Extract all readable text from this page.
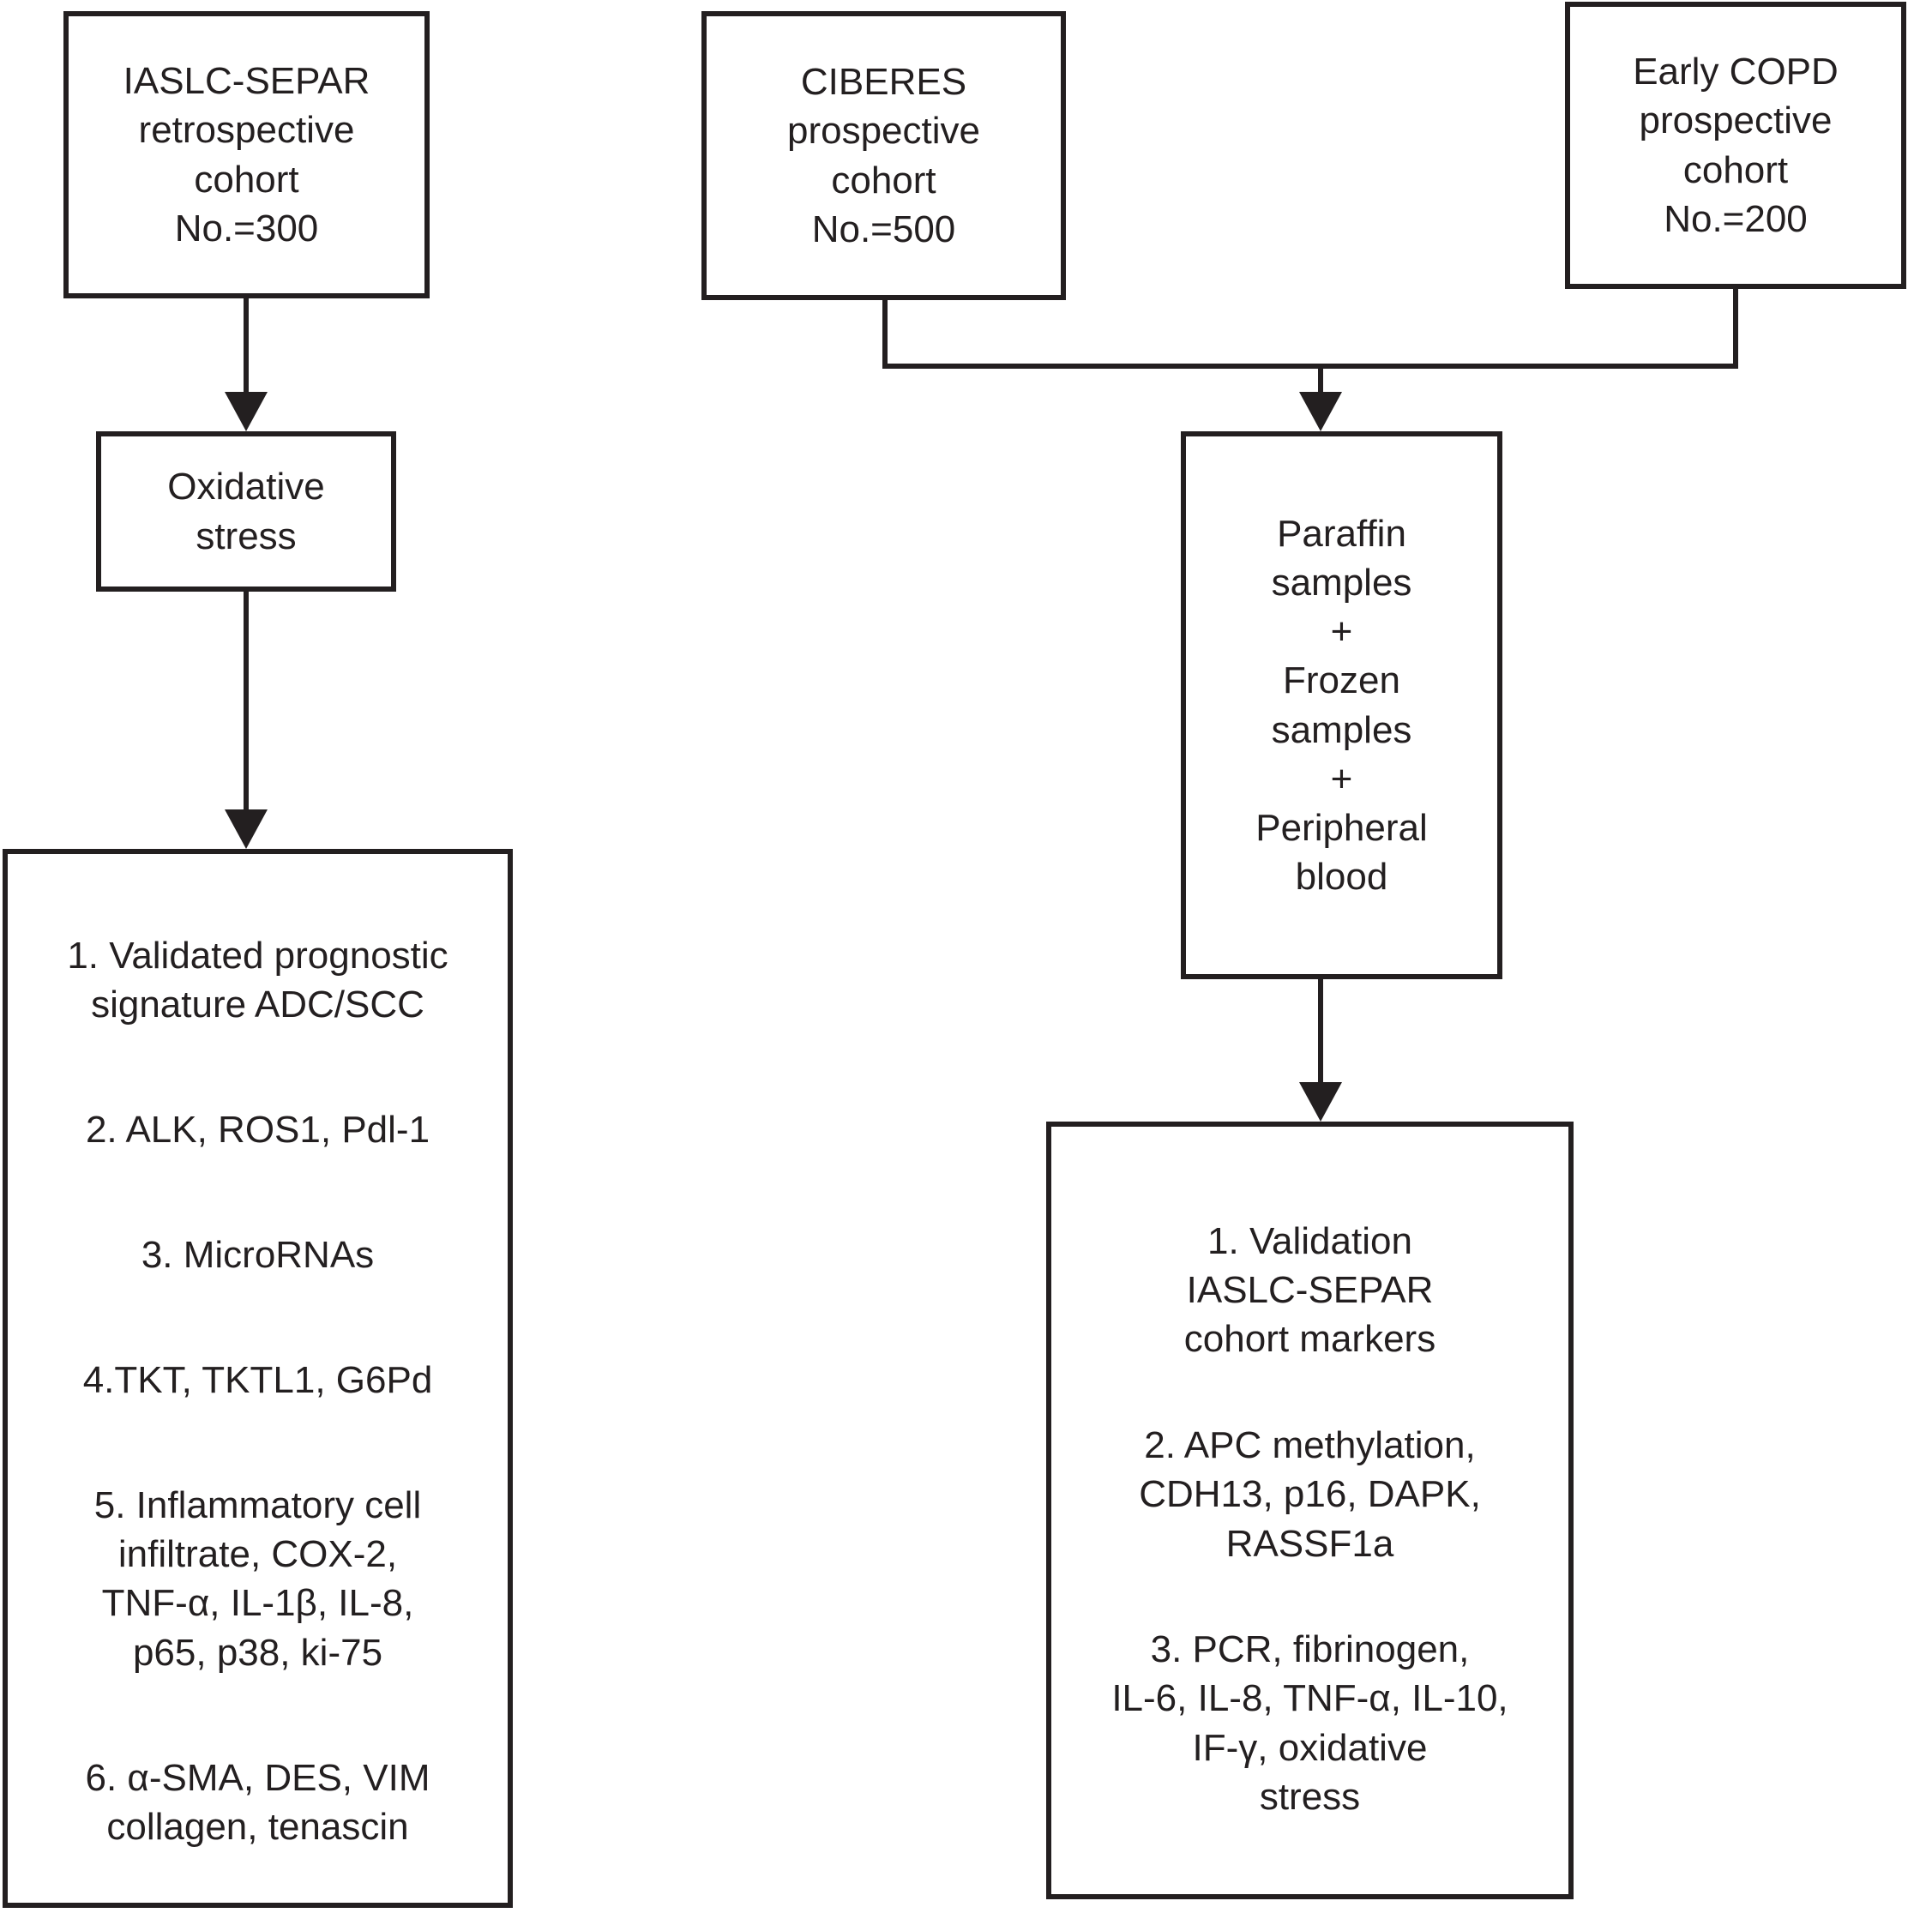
IASLC-SEPAR
retrospective
cohort
No.=300
CIBERES
prospective
cohort
No.=500
Early COPD
prospective
cohort
No.=200
Oxidative
stress
1. Validated prognostic
signature ADC/SCC
2. ALK, ROS1, Pdl-1
3. MicroRNAs
4.TKT, TKTL1, G6Pd
5. Inflammatory cell
infiltrate, COX-2,
TNF-α, IL-1β, IL-8,
p65, p38, ki-75
6. α-SMA, DES, VIM
collagen, tenascin
Paraffin
samples
+
Frozen
samples
+
Peripheral
blood
1. Validation
IASLC-SEPAR
cohort markers
2. APC methylation,
CDH13, p16, DAPK,
RASSF1a
3. PCR, fibrinogen,
IL-6, IL-8, TNF-α, IL-10,
IF-γ, oxidative
stress
